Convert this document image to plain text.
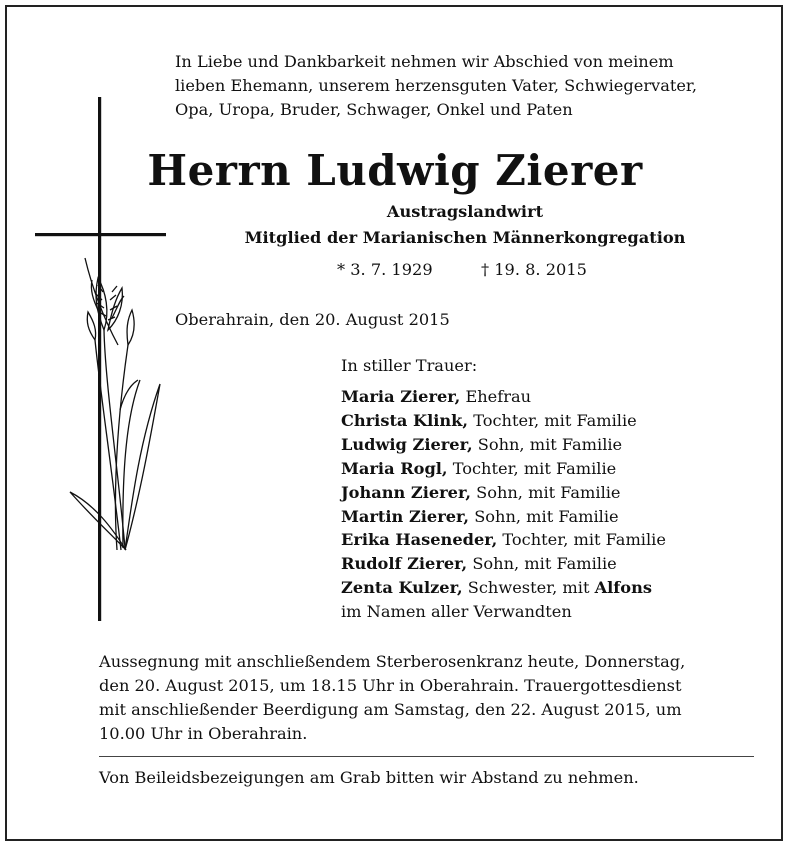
In Liebe und Dankbarkeit nehmen wir Abschied von meinem
lieben Ehemann, unserem herzensguten Vater, Schwiegervater,
Opa, Uropa, Bruder, Schwager, Onkel und Paten
Herrn Ludwig Zierer
Austragslandwirt
Mitglied der Marianischen Männerkongregation
* 3. 7. 1929	† 19. 8. 2015
Oberahrain, den 20. August 2015
In stiller Trauer:
Maria Zierer, Ehefrau
Christa Klink, Tochter, mit Familie
Ludwig Zierer, Sohn, mit Familie
Maria Rogl, Tochter, mit Familie
Johann Zierer, Sohn, mit Familie
Martin Zierer, Sohn, mit Familie
Erika Haseneder, Tochter, mit Familie
Rudolf Zierer, Sohn, mit Familie
Zenta Kulzer, Schwester, mit Alfons
im Namen aller Verwandten
Aussegnung mit anschließendem Sterberosenkranz heute, Donnerstag,
den 20. August 2015, um 18.15 Uhr in Oberahrain. Trauergottesdienst
mit anschließender Beerdigung am Samstag, den 22. August 2015, um
10.00 Uhr in Oberahrain.
Von Beileidsbezeigungen am Grab bitten wir Abstand zu nehmen.
